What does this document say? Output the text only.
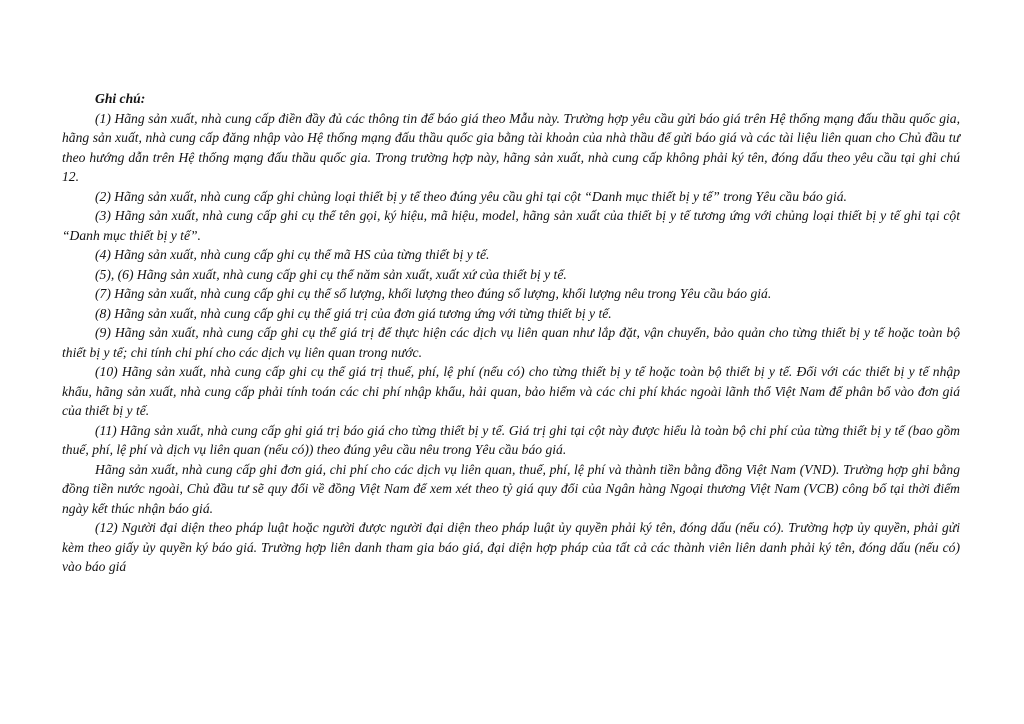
Ghi chú:

(1) Hãng sản xuất, nhà cung cấp điền đầy đủ các thông tin để báo giá theo Mẫu này. Trường hợp yêu cầu gửi báo giá trên Hệ thống mạng đấu thầu quốc gia, hãng sản xuất, nhà cung cấp đăng nhập vào Hệ thống mạng đấu thầu quốc gia bằng tài khoản của nhà thầu để gửi báo giá và các tài liệu liên quan cho Chủ đầu tư theo hướng dẫn trên Hệ thống mạng đấu thầu quốc gia. Trong trường hợp này, hãng sản xuất, nhà cung cấp không phải ký tên, đóng dấu theo yêu cầu tại ghi chú 12.

(2) Hãng sản xuất, nhà cung cấp ghi chủng loại thiết bị y tế theo đúng yêu cầu ghi tại cột “Danh mục thiết bị y tế” trong Yêu cầu báo giá.

(3) Hãng sản xuất, nhà cung cấp ghi cụ thể tên gọi, ký hiệu, mã hiệu, model, hãng sản xuất của thiết bị y tế tương ứng với chủng loại thiết bị y tế ghi tại cột “Danh mục thiết bị y tế”.

(4) Hãng sản xuất, nhà cung cấp ghi cụ thể mã HS của từng thiết bị y tế.

(5), (6) Hãng sản xuất, nhà cung cấp ghi cụ thể năm sản xuất, xuất xứ của thiết bị y tế.

(7) Hãng sản xuất, nhà cung cấp ghi cụ thể số lượng, khối lượng theo đúng số lượng, khối lượng nêu trong Yêu cầu báo giá.

(8) Hãng sản xuất, nhà cung cấp ghi cụ thể giá trị của đơn giá tương ứng với từng thiết bị y tế.

(9) Hãng sản xuất, nhà cung cấp ghi cụ thể giá trị để thực hiện các dịch vụ liên quan như lắp đặt, vận chuyển, bảo quản cho từng thiết bị y tế hoặc toàn bộ thiết bị y tế; chi tính chi phí cho các dịch vụ liên quan trong nước.

(10) Hãng sản xuất, nhà cung cấp ghi cụ thể giá trị thuế, phí, lệ phí (nếu có) cho từng thiết bị y tế hoặc toàn bộ thiết bị y tế. Đối với các thiết bị y tế nhập khẩu, hãng sản xuất, nhà cung cấp phải tính toán các chi phí nhập khẩu, hải quan, bảo hiểm và các chi phí khác ngoài lãnh thổ Việt Nam để phân bổ vào đơn giá của thiết bị y tế.

(11) Hãng sản xuất, nhà cung cấp ghi giá trị báo giá cho từng thiết bị y tế. Giá trị ghi tại cột này được hiểu là toàn bộ chi phí của từng thiết bị y tế (bao gồm thuế, phí, lệ phí và dịch vụ liên quan (nếu có)) theo đúng yêu cầu nêu trong Yêu cầu báo giá.

Hãng sản xuất, nhà cung cấp ghi đơn giá, chi phí cho các dịch vụ liên quan, thuế, phí, lệ phí và thành tiền bằng đồng Việt Nam (VND). Trường hợp ghi bằng đồng tiền nước ngoài, Chủ đầu tư sẽ quy đổi về đồng Việt Nam để xem xét theo tỷ giá quy đổi của Ngân hàng Ngoại thương Việt Nam (VCB) công bố tại thời điểm ngày kết thúc nhận báo giá.

(12) Người đại diện theo pháp luật hoặc người được người đại diện theo pháp luật ủy quyền phải ký tên, đóng dấu (nếu có). Trường hợp ủy quyền, phải gửi kèm theo giấy ủy quyền ký báo giá. Trường hợp liên danh tham gia báo giá, đại diện hợp pháp của tất cả các thành viên liên danh phải ký tên, đóng dấu (nếu có) vào báo giá
